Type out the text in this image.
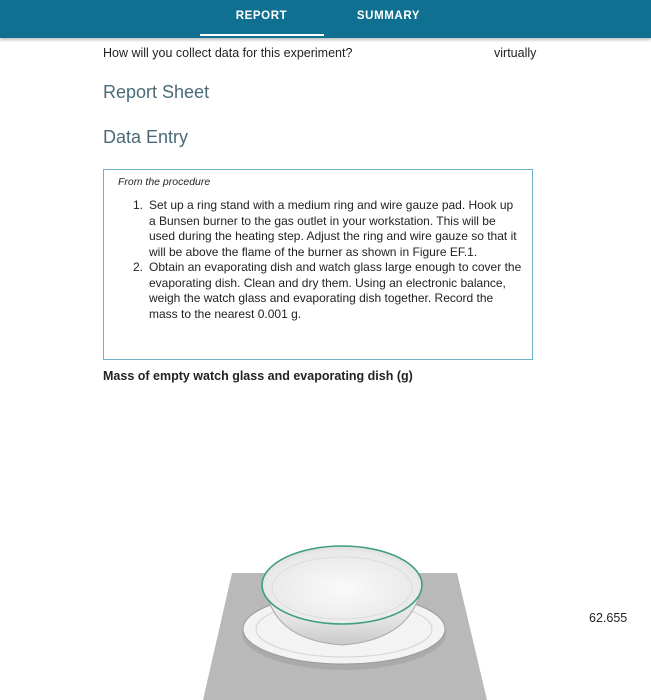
REPORT	SUMMARY
How will you collect data for this experiment?	virtually
Report Sheet
Data Entry
From the procedure
1. Set up a ring stand with a medium ring and wire gauze pad. Hook up a Bunsen burner to the gas outlet in your workstation. This will be used during the heating step. Adjust the ring and wire gauze so that it will be above the flame of the burner as shown in Figure EF.1.
2. Obtain an evaporating dish and watch glass large enough to cover the evaporating dish. Clean and dry them. Using an electronic balance, weigh the watch glass and evaporating dish together. Record the mass to the nearest 0.001 g.
Mass of empty watch glass and evaporating dish (g)
62.655
